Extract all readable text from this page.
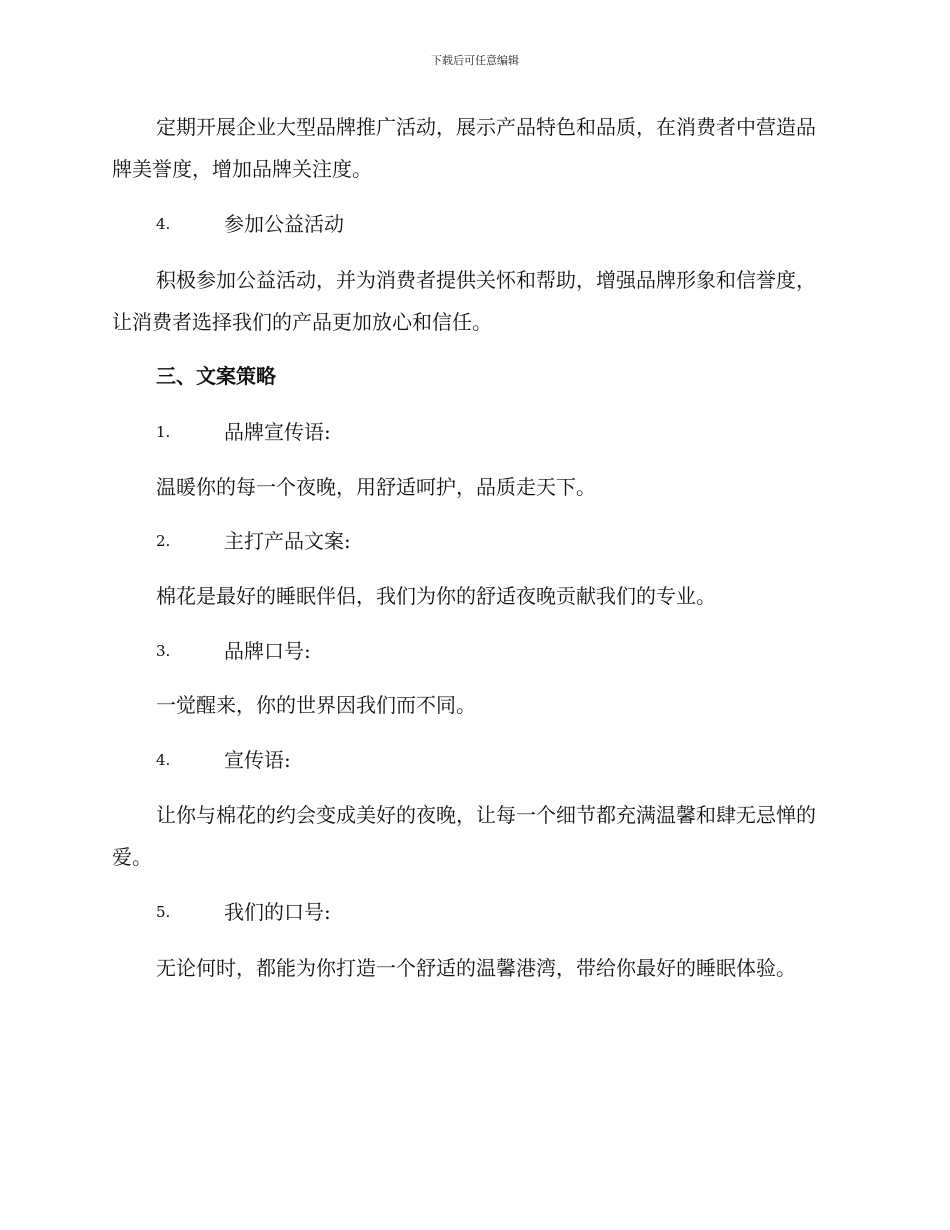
下载后可任意编辑
定期开展企业大型品牌推广活动，展示产品特色和品质，在消费者中营造品牌美誉度，增加品牌关注度。
4.	参加公益活动
积极参加公益活动，并为消费者提供关怀和帮助，增强品牌形象和信誉度，让消费者选择我们的产品更加放心和信任。
三、文案策略
1.	品牌宣传语:
温暖你的每一个夜晚，用舒适呵护，品质走天下。
2.	主打产品文案:
棉花是最好的睡眠伴侣，我们为你的舒适夜晚贡献我们的专业。
3.	品牌口号:
一觉醒来，你的世界因我们而不同。
4.	宣传语:
让你与棉花的约会变成美好的夜晚，让每一个细节都充满温馨和肆无忌惮的爱。
5.	我们的口号:
无论何时，都能为你打造一个舒适的温馨港湾，带给你最好的睡眠体验。
